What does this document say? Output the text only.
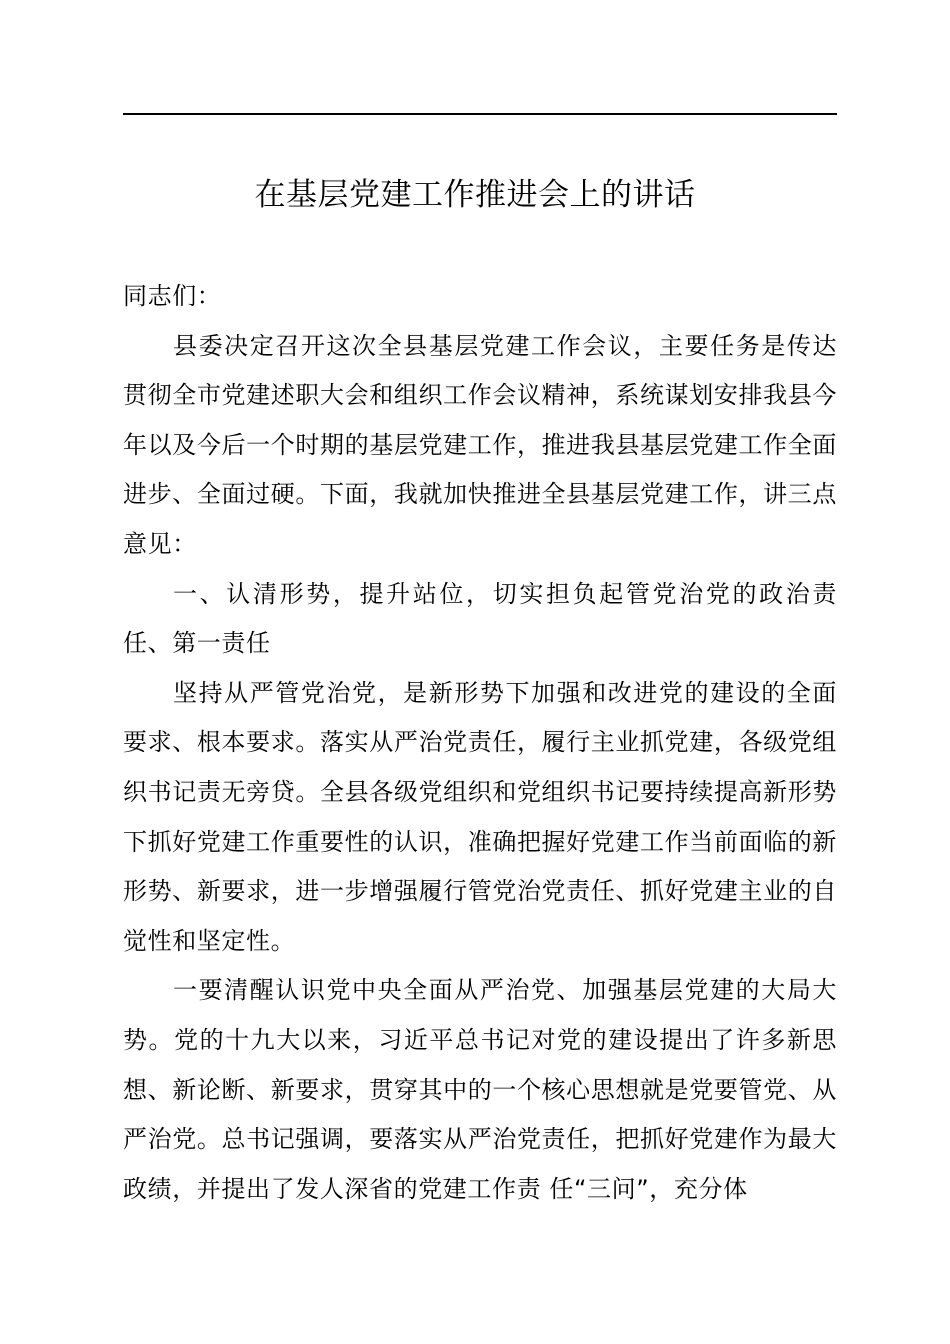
在基层党建工作推进会上的讲话

同志们：

县委决定召开这次全县基层党建工作会议，主要任务是传达贯彻全市党建述职大会和组织工作会议精神，系统谋划安排我县今年以及今后一个时期的基层党建工作，推进我县基层党建工作全面进步、全面过硬。下面，我就加快推进全县基层党建工作，讲三点意见：

一、认清形势，提升站位，切实担负起管党治党的政治责任、第一责任

坚持从严管党治党，是新形势下加强和改进党的建设的全面要求、根本要求。落实从严治党责任，履行主业抓党建，各级党组织书记责无旁贷。全县各级党组织和党组织书记要持续提高新形势下抓好党建工作重要性的认识，准确把握好党建工作当前面临的新形势、新要求，进一步增强履行管党治党责任、抓好党建主业的自觉性和坚定性。

一要清醒认识党中央全面从严治党、加强基层党建的大局大势。党的十九大以来，习近平总书记对党的建设提出了许多新思想、新论断、新要求，贯穿其中的一个核心思想就是党要管党、从严治党。总书记强调，要落实从严治党责任，把抓好党建作为最大政绩，并提出了发人深省的党建工作责 任“三问”，充分体
